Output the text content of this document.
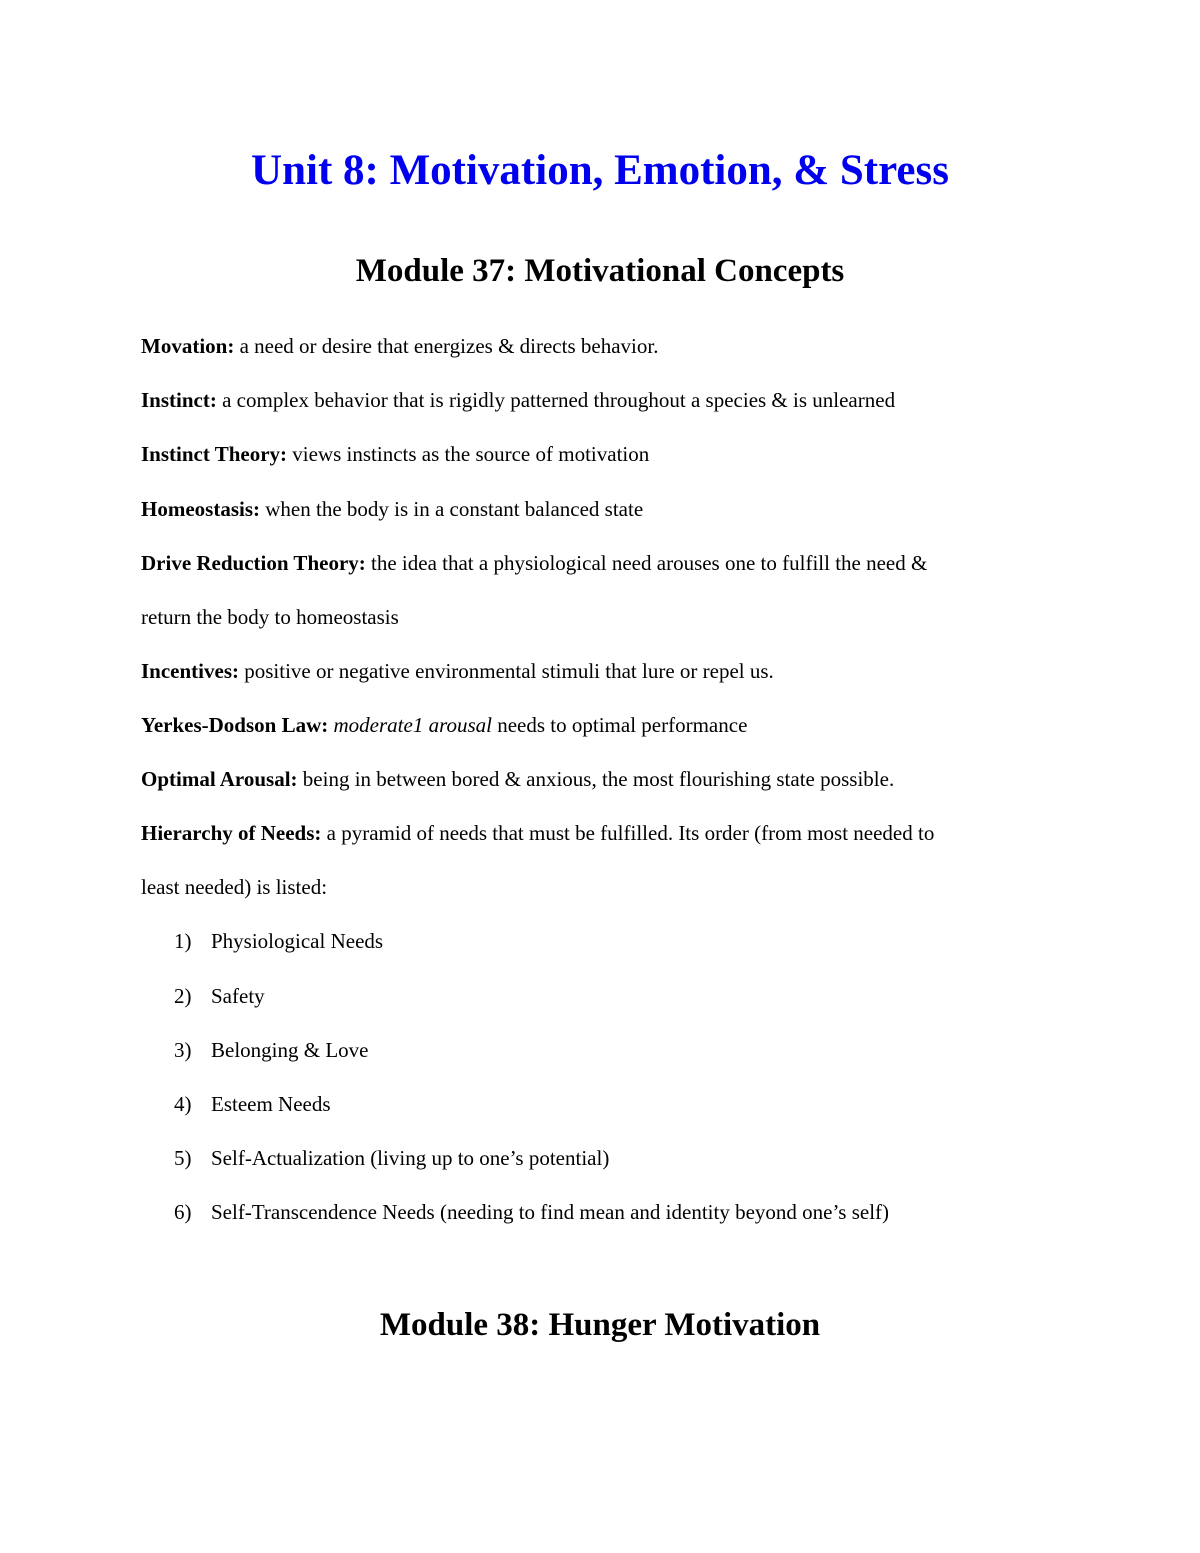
Unit 8: Motivation, Emotion, & Stress
Module 37: Motivational Concepts
Movation: a need or desire that energizes & directs behavior.
Instinct: a complex behavior that is rigidly patterned throughout a species & is unlearned
Instinct Theory: views instincts as the source of motivation
Homeostasis: when the body is in a constant balanced state
Drive Reduction Theory: the idea that a physiological need arouses one to fulfill the need &
return the body to homeostasis
Incentives: positive or negative environmental stimuli that lure or repel us.
Yerkes-Dodson Law: moderate1 arousal needs to optimal performance
Optimal Arousal: being in between bored & anxious, the most flourishing state possible.
Hierarchy of Needs: a pyramid of needs that must be fulfilled. Its order (from most needed to
least needed) is listed:
1) Physiological Needs
2) Safety
3) Belonging & Love
4) Esteem Needs
5) Self-Actualization (living up to one’s potential)
6) Self-Transcendence Needs (needing to find mean and identity beyond one’s self)
Module 38: Hunger Motivation
